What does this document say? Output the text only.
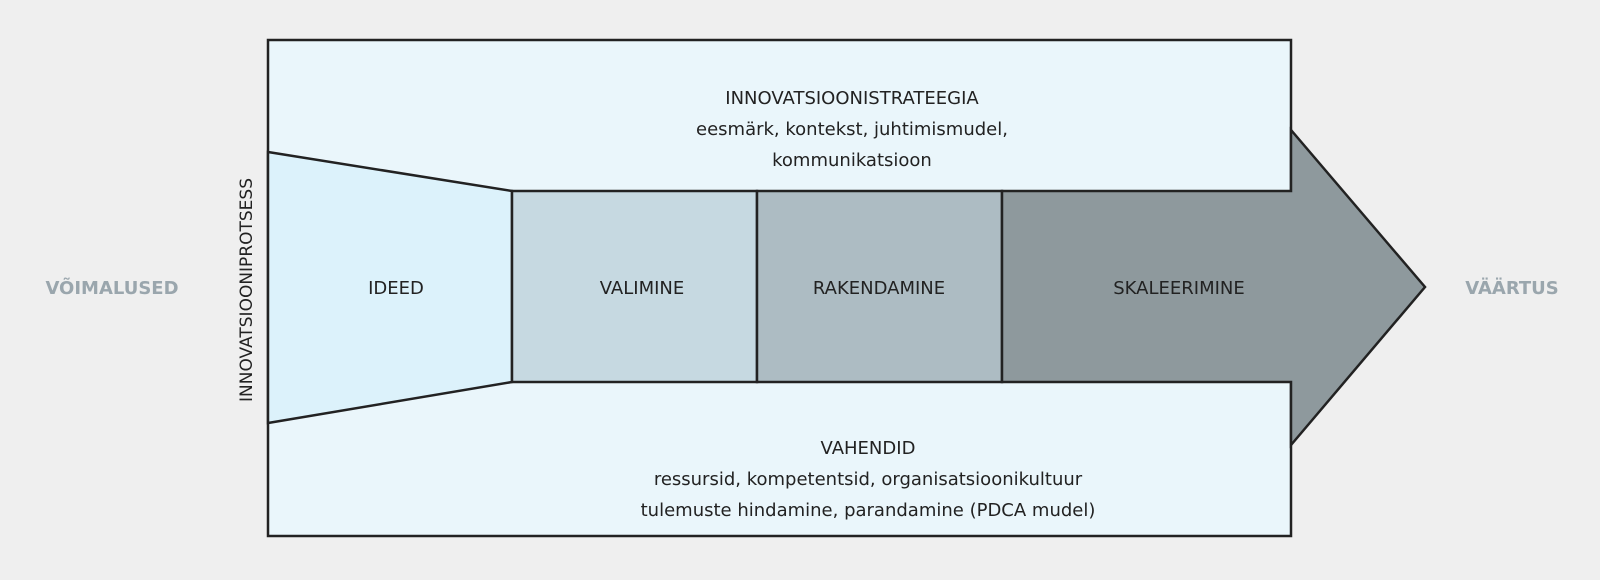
INNOVATSIOONISTRATEEGIA
eesmärk, kontekst, juhtimismudel,
kommunikatsioon
IDEED	VALIMINE	RAKENDAMINE	SKALEERIMINE
VAHENDID
ressursid, kompetentsid, organisatsioonikultuur
tulemuste hindamine, parandamine (PDCA mudel)
INNOVATSIOONIPROTSESS
VÕIMALUSED	VÄÄRTUS
